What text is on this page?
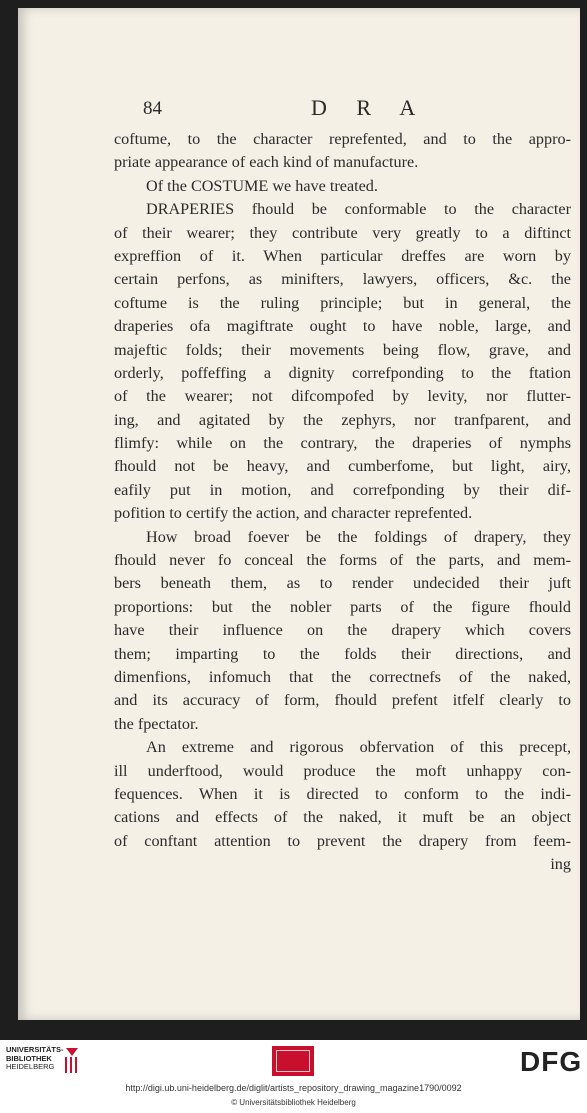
84	D R A
coftume, to the character reprefented, and to the appro-
priate appearance of each kind of manufacture.
Of the COSTUME we have treated.
DRAPERIES fhould be conformable to the character
of their wearer; they contribute very greatly to a diftinct
expreffion of it. When particular dreffes are worn by
certain perfons, as minifters, lawyers, officers, &c. the
coftume is the ruling principle; but in general, the
draperies ofa magiftrate ought to have noble, large, and
majeftic folds; their movements being flow, grave, and
orderly, poffeffing a dignity correfponding to the ftation
of the wearer; not difcompofed by levity, nor flutter-
ing, and agitated by the zephyrs, nor tranfparent, and
flimfy: while on the contrary, the draperies of nymphs
fhould not be heavy, and cumberfome, but light, airy,
eafily put in motion, and correfponding by their dif-
pofition to certify the action, and character reprefented.
How broad foever be the foldings of drapery, they
fhould never fo conceal the forms of the parts, and mem-
bers beneath them, as to render undecided their juft
proportions: but the nobler parts of the figure fhould
have their influence on the drapery which covers
them; imparting to the folds their directions, and
dimenfions, infomuch that the correctnefs of the naked,
and its accuracy of form, fhould prefent itfelf clearly to
the fpectator.
An extreme and rigorous obfervation of this precept,
ill underftood, would produce the moft unhappy con-
fequences. When it is directed to conform to the indi-
cations and effects of the naked, it muft be an object
of conftant attention to prevent the drapery from feem-
ing
UNIVERSITÄTS-BIBLIOTHEK
HEIDELBERG	DFG
http://digi.ub.uni-heidelberg.de/diglit/artists_repository_drawing_magazine1790/0092
© Universitätsbibliothek Heidelberg
